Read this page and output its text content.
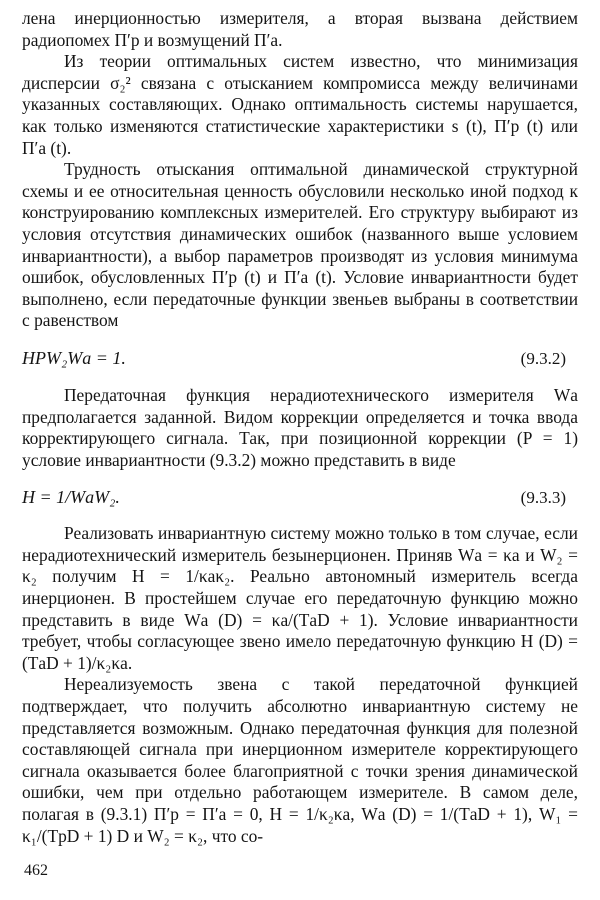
лена инерционностью измерителя, а вторая вызвана действием радиопомех П′р и возмущений П′а.

Из теории оптимальных систем известно, что минимизация дисперсии σ₂² связана с отысканием компромисса между величинами указанных составляющих. Однако оптимальность системы нарушается, как только изменяются статистические характеристики s (t), П′р (t) или П′а (t).

Трудность отыскания оптимальной динамической структурной схемы и ее относительная ценность обусловили несколько иной подход к конструированию комплексных измерителей. Его структуру выбирают из условия отсутствия динамических ошибок (названного выше условием инвариантности), а выбор параметров производят из условия минимума ошибок, обусловленных П′р (t) и П′а (t). Условие инвариантности будет выполнено, если передаточные функции звеньев выбраны в соответствии с равенством

HPW₂Wа = 1.	(9.3.2)

Передаточная функция нерадиотехнического измерителя Wа предполагается заданной. Видом коррекции определяется и точка ввода корректирующего сигнала. Так, при позиционной коррекции (P = 1) условие инвариантности (9.3.2) можно представить в виде

H = 1/WаW₂.	(9.3.3)

Реализовать инвариантную систему можно только в том случае, если нерадиотехнический измеритель безынерционен. Приняв Wа = κа и W₂ = κ₂ получим H = 1/κаκ₂. Реально автономный измеритель всегда инерционен. В простейшем случае его передаточную функцию можно представить в виде Wа (D) = κа/(TаD + 1). Условие инвариантности требует, чтобы согласующее звено имело передаточную функцию H (D) = (TаD + 1)/κ₂κа.

Нереализуемость звена с такой передаточной функцией подтверждает, что получить абсолютно инвариантную систему не представляется возможным. Однако передаточная функция для полезной составляющей сигнала при инерционном измерителе корректирующего сигнала оказывается более благоприятной с точки зрения динамической ошибки, чем при отдельно работающем измерителе. В самом деле, полагая в (9.3.1) П′р = П′а = 0, H = 1/κ₂κа, Wа (D) = 1/(TаD + 1), W₁ = κ₁/(TрD + 1) D и W₂ = κ₂, что со-

462
